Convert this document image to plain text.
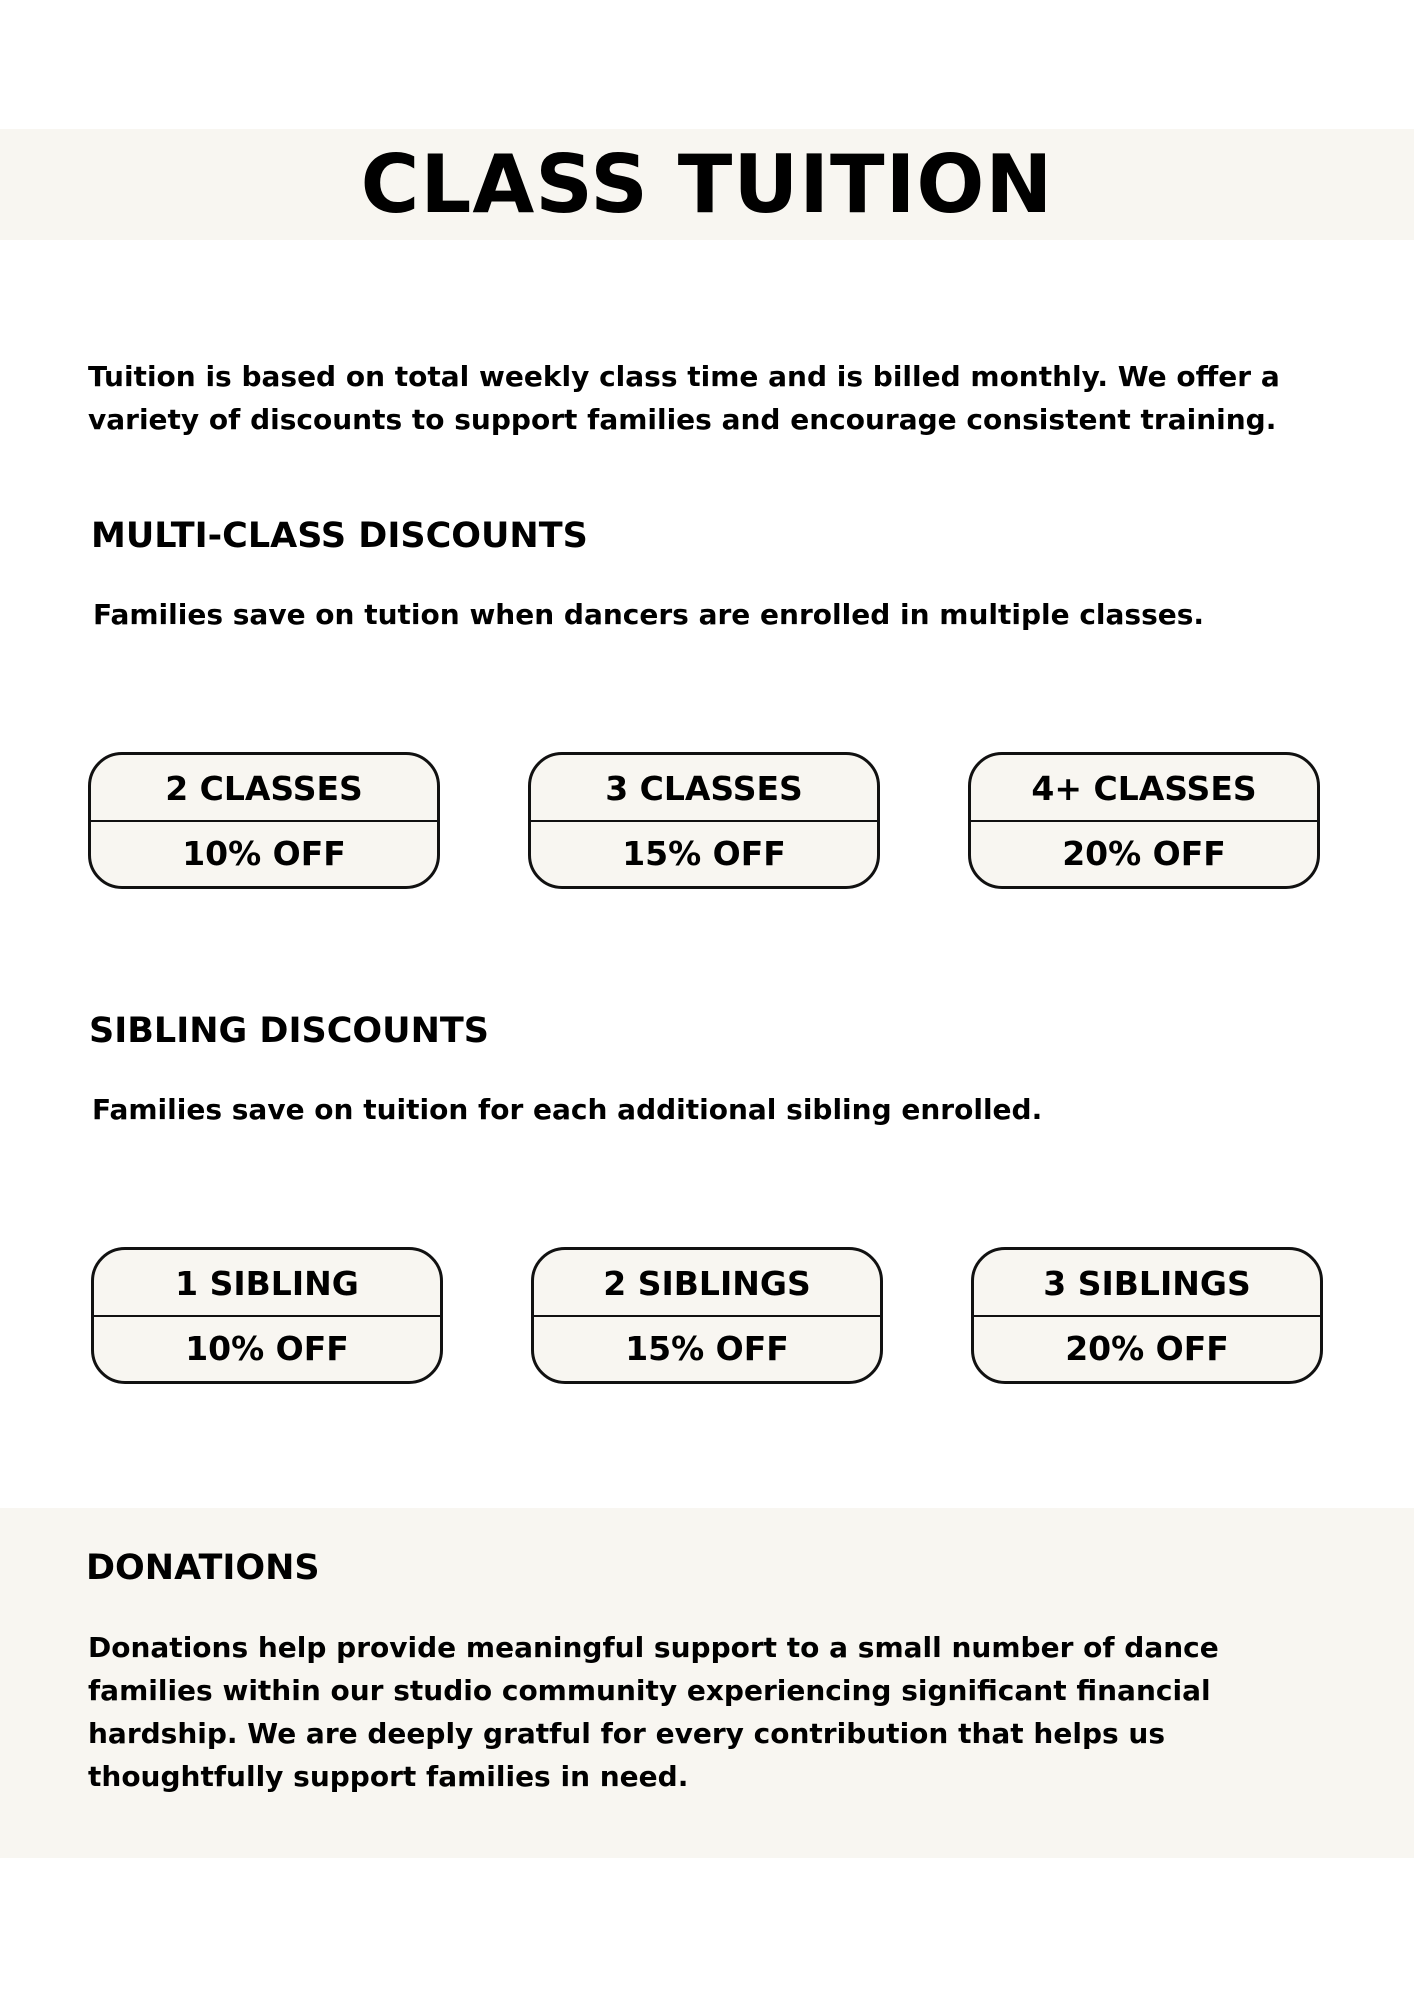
CLASS TUITION

Tuition is based on total weekly class time and is billed monthly. We offer a variety of discounts to support families and encourage consistent training.

MULTI-CLASS DISCOUNTS

Families save on tution when dancers are enrolled in multiple classes.

2 CLASSES
10% OFF
3 CLASSES
15% OFF
4+ CLASSES
20% OFF
SIBLING DISCOUNTS

Families save on tuition for each additional sibling enrolled.

1 SIBLING
10% OFF
2 SIBLINGS
15% OFF
3 SIBLINGS
20% OFF
DONATIONS

Donations help provide meaningful support to a small number of dance families within our studio community experiencing significant financial hardship. We are deeply gratful for every contribution that helps us thoughtfully support families in need.
